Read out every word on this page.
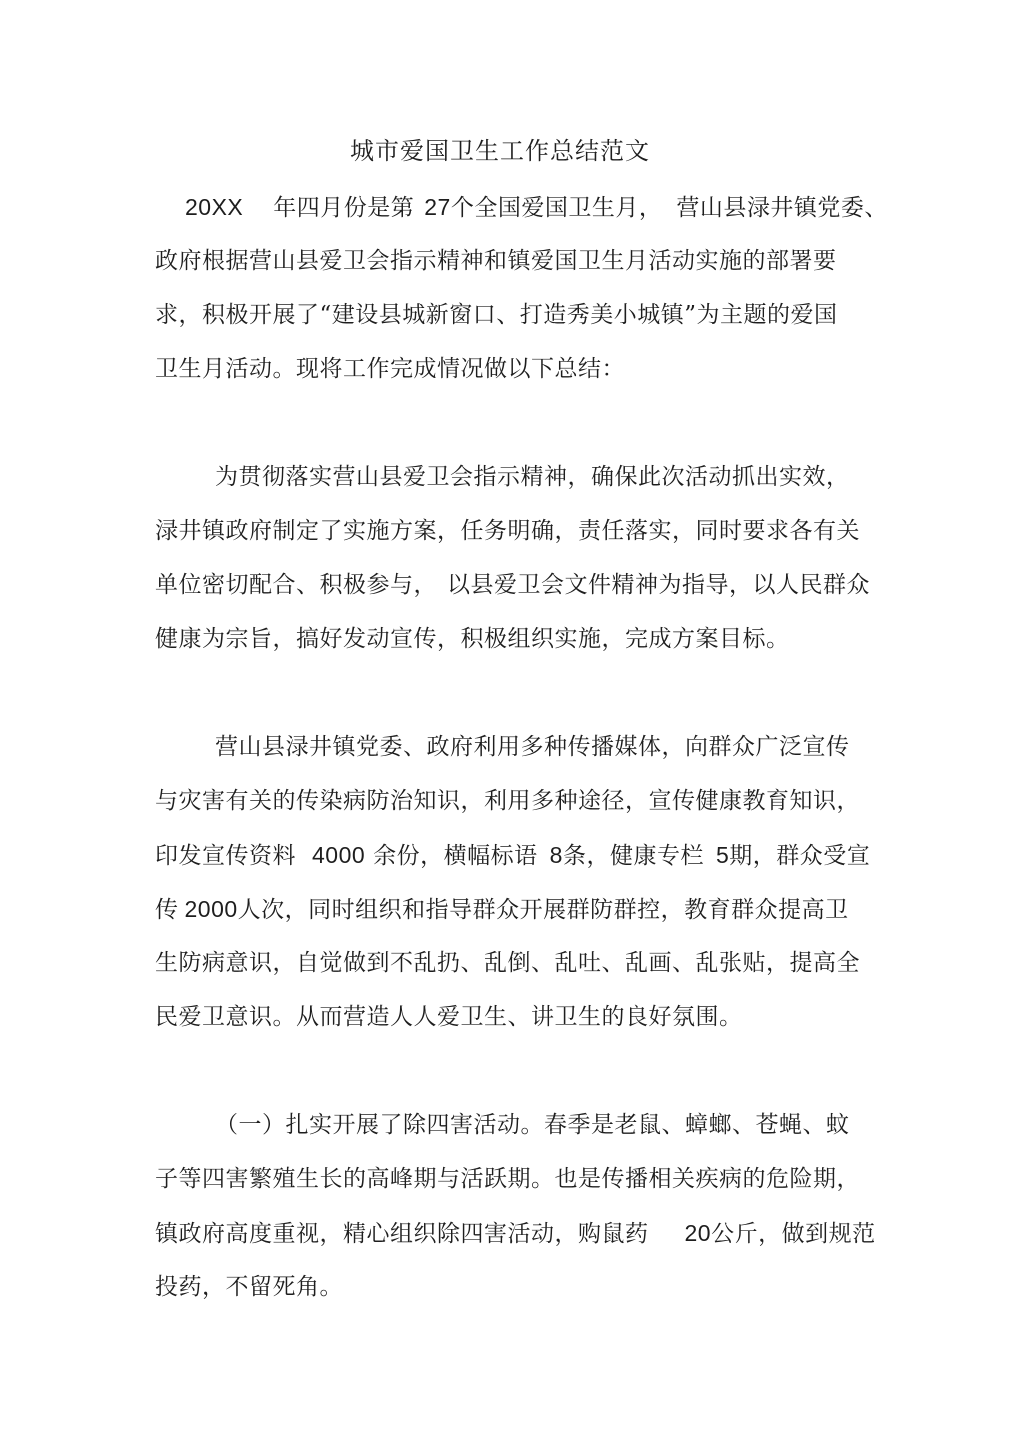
城市爱国卫生工作总结范文
20XX 年四月份是第 27个全国爱国卫生月， 营山县渌井镇党委、
政府根据营山县爱卫会指示精神和镇爱国卫生月活动实施的部署要
求，积极开展了“建设县城新窗口、打造秀美小城镇”为主题的爱国
卫生月活动。现将工作完成情况做以下总结：
为贯彻落实营山县爱卫会指示精神，确保此次活动抓出实效，
渌井镇政府制定了实施方案，任务明确，责任落实，同时要求各有关
单位密切配合、积极参与， 以县爱卫会文件精神为指导，以人民群众
健康为宗旨，搞好发动宣传，积极组织实施，完成方案目标。
营山县渌井镇党委、政府利用多种传播媒体，向群众广泛宣传
与灾害有关的传染病防治知识，利用多种途径，宣传健康教育知识，
印发宣传资料 4000 余份，横幅标语 8条，健康专栏 5期，群众受宣
传 2000人次，同时组织和指导群众开展群防群控，教育群众提高卫
生防病意识，自觉做到不乱扔、乱倒、乱吐、乱画、乱张贴，提高全
民爱卫意识。从而营造人人爱卫生、讲卫生的良好氛围。
（一）扎实开展了除四害活动。春季是老鼠、蟑螂、苍蝇、蚊
子等四害繁殖生长的高峰期与活跃期。也是传播相关疾病的危险期，
镇政府高度重视，精心组织除四害活动，购鼠药 20公斤，做到规范
投药，不留死角。
